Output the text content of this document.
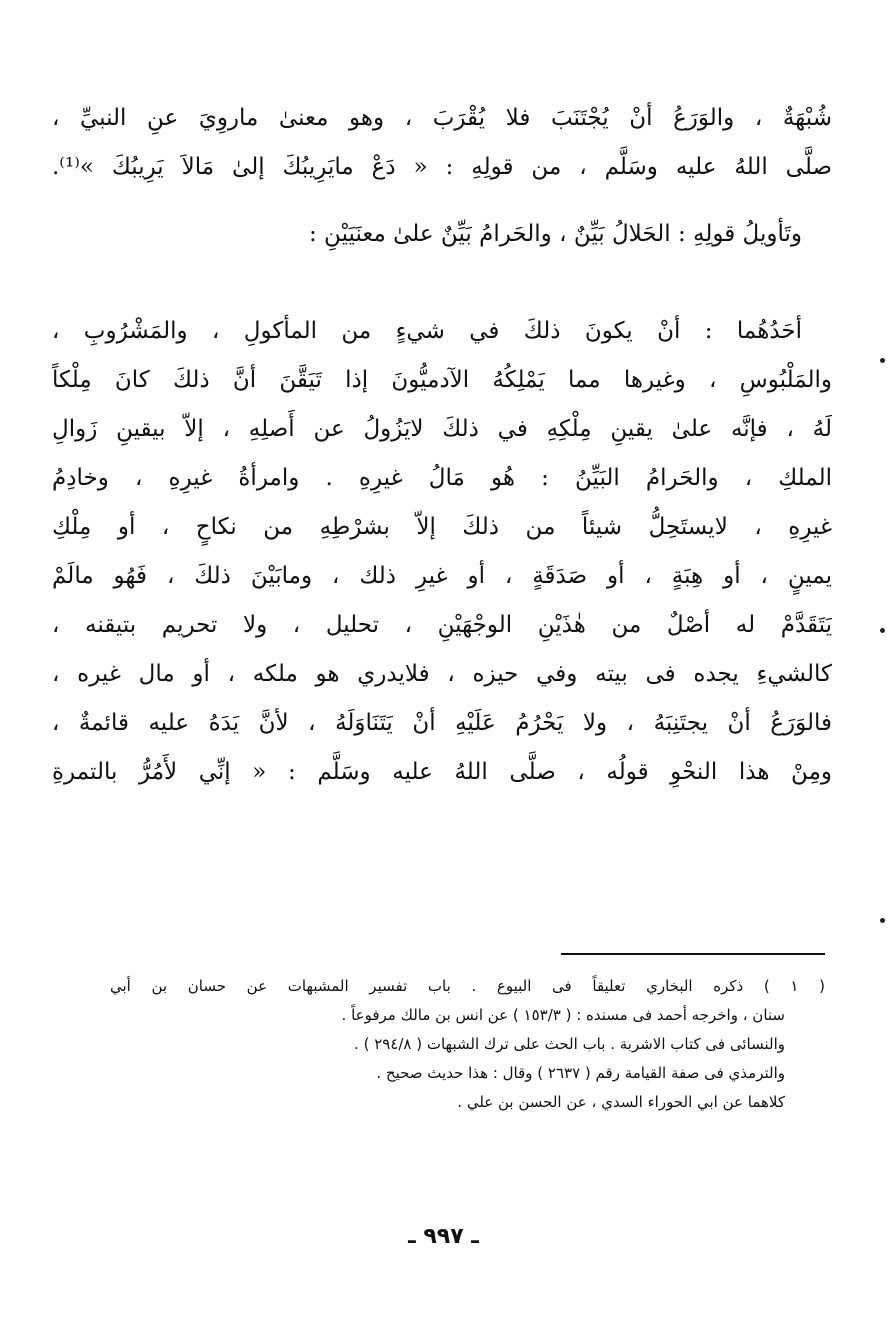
شُبْهَةٌ ، والوَرَعُ أنْ يُجْتَنَبَ فلا يُقْرَبَ ، وهو معنىٰ ماروِيَ عنِ النبيِّ ،
صلَّى اللهُ عليه وسَلَّم ، من قولِهِ : « دَعْ مايَرِيبُكَ إلىٰ مَالاَ يَرِيبُكَ »⁽¹⁾.
وتَأويلُ قولِهِ : الحَلالُ بَيِّنٌ ، والحَرامُ بَيِّنٌ علىٰ معنَيَيْنِ :
أحَدُهُما : أنْ يكونَ ذلكَ في شيءٍ من المأكولِ ، والمَشْرُوبِ ،
والمَلْبُوسِ ، وغيرها مما يَمْلِكُهُ الآدميُّونَ إذا تَيَقَّنَ أنَّ ذلكَ كانَ مِلْكاً
لَهُ ، فإنَّه علىٰ يقينِ مِلْكِهِ في ذلكَ لايَزُولُ عن أَصلِهِ ، إلاّ بيقينِ زَوالِ
الملكِ ، والحَرامُ البَيِّنُ : هُو مَالُ غيرِهِ . وامرأةُ غيرِهِ ، وخادِمُ
غيرِهِ ، لايستَحِلُّ شيئاً من ذلكَ إلاّ بشرْطِهِ من نكاحٍ ، أو مِلْكِ
يمينٍ ، أو هِبَةٍ ، أو صَدَقَةٍ ، أو غيرِ ذلك ، ومابَيْنَ ذلكَ ، فَهُو مالَمْ
يَتَقَدَّمْ له أصْلٌ من هٰذَيْنِ الوجْهَيْنِ ، تحليل ، ولا تحريم بتيقنه ،
كالشيءِ يجده فى بيته وفي حيزه ، فلايدري هو ملكه ، أو مال غيره ،
فالوَرَعُ أنْ يجتَنِبَهُ ، ولا يَحْرُمُ عَلَيْهِ أنْ يَتَنَاوَلَهُ ، لأنَّ يَدَهُ عليه قائمةٌ ،
ومِنْ هذا النحْوِ قولُه ، صلَّى اللهُ عليه وسَلَّم : « إنِّي لأَمُرُّ بالتمرةِ
( ١ ) ذكره البخاري تعليقاً فى البيوع . باب تفسير المشبهات عن حسان بن أبي
سنان ، واخرجه أحمد فى مسنده : ( ١٥٣/٣ ) عن انس بن مالك مرفوعاً .
والنسائى فى كتاب الاشربة . باب الحث على ترك الشبهات ( ٢٩٤/٨ ) .
والترمذي فى صفة القيامة رقم ( ٢٦٣٧ ) وقال : هذا حديث صحيح .
كلاهما عن ابي الحوراء السدي ، عن الحسن بن علي .
ـ ٩٩٧ ـ
